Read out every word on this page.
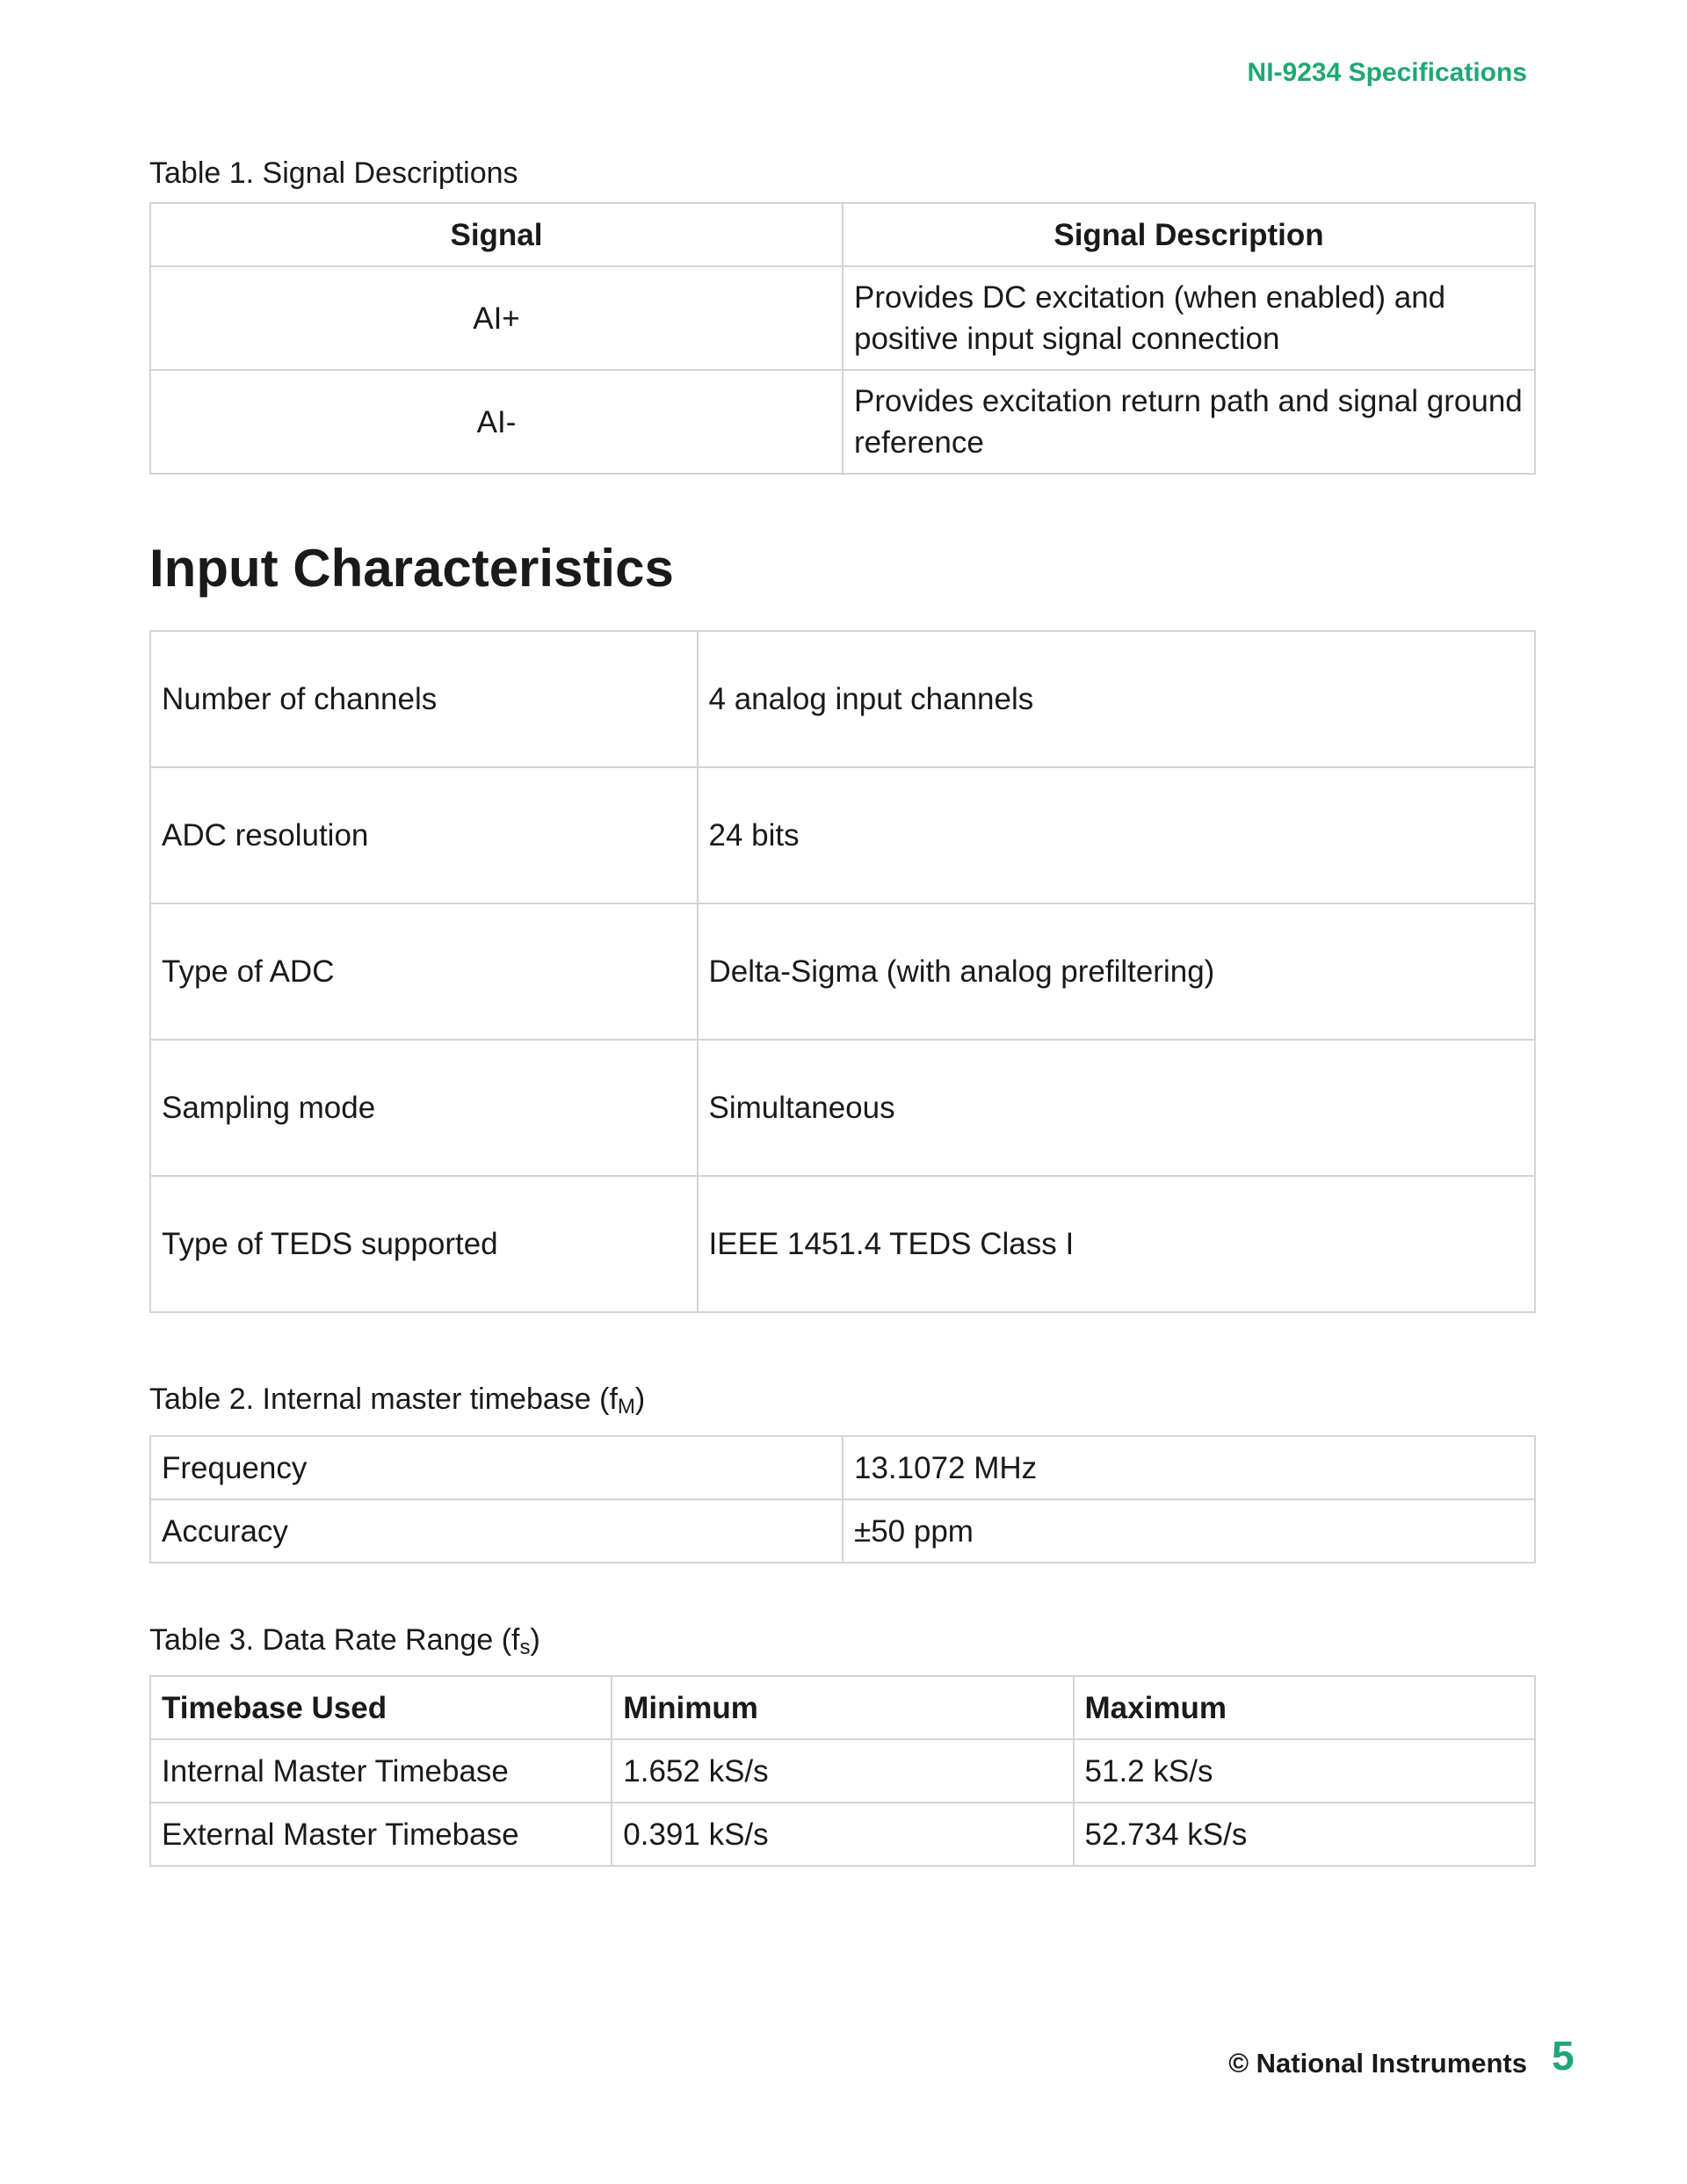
NI-9234 Specifications
Table 1. Signal Descriptions
Signal	Signal Description
AI+	Provides DC excitation (when enabled) and positive input signal connection
AI-	Provides excitation return path and signal ground reference
Input Characteristics
Number of channels	4 analog input channels
ADC resolution	24 bits
Type of ADC	Delta-Sigma (with analog prefiltering)
Sampling mode	Simultaneous
Type of TEDS supported	IEEE 1451.4 TEDS Class I
Table 2. Internal master timebase $(f_M)$
Frequency	13.1072 MHz
Accuracy	±50 ppm
Table 3. Data Rate Range $(f_s)$
Timebase Used	Minimum	Maximum
Internal Master Timebase	1.652 kS/s	51.2 kS/s
External Master Timebase	0.391 kS/s	52.734 kS/s
© National Instruments 5
